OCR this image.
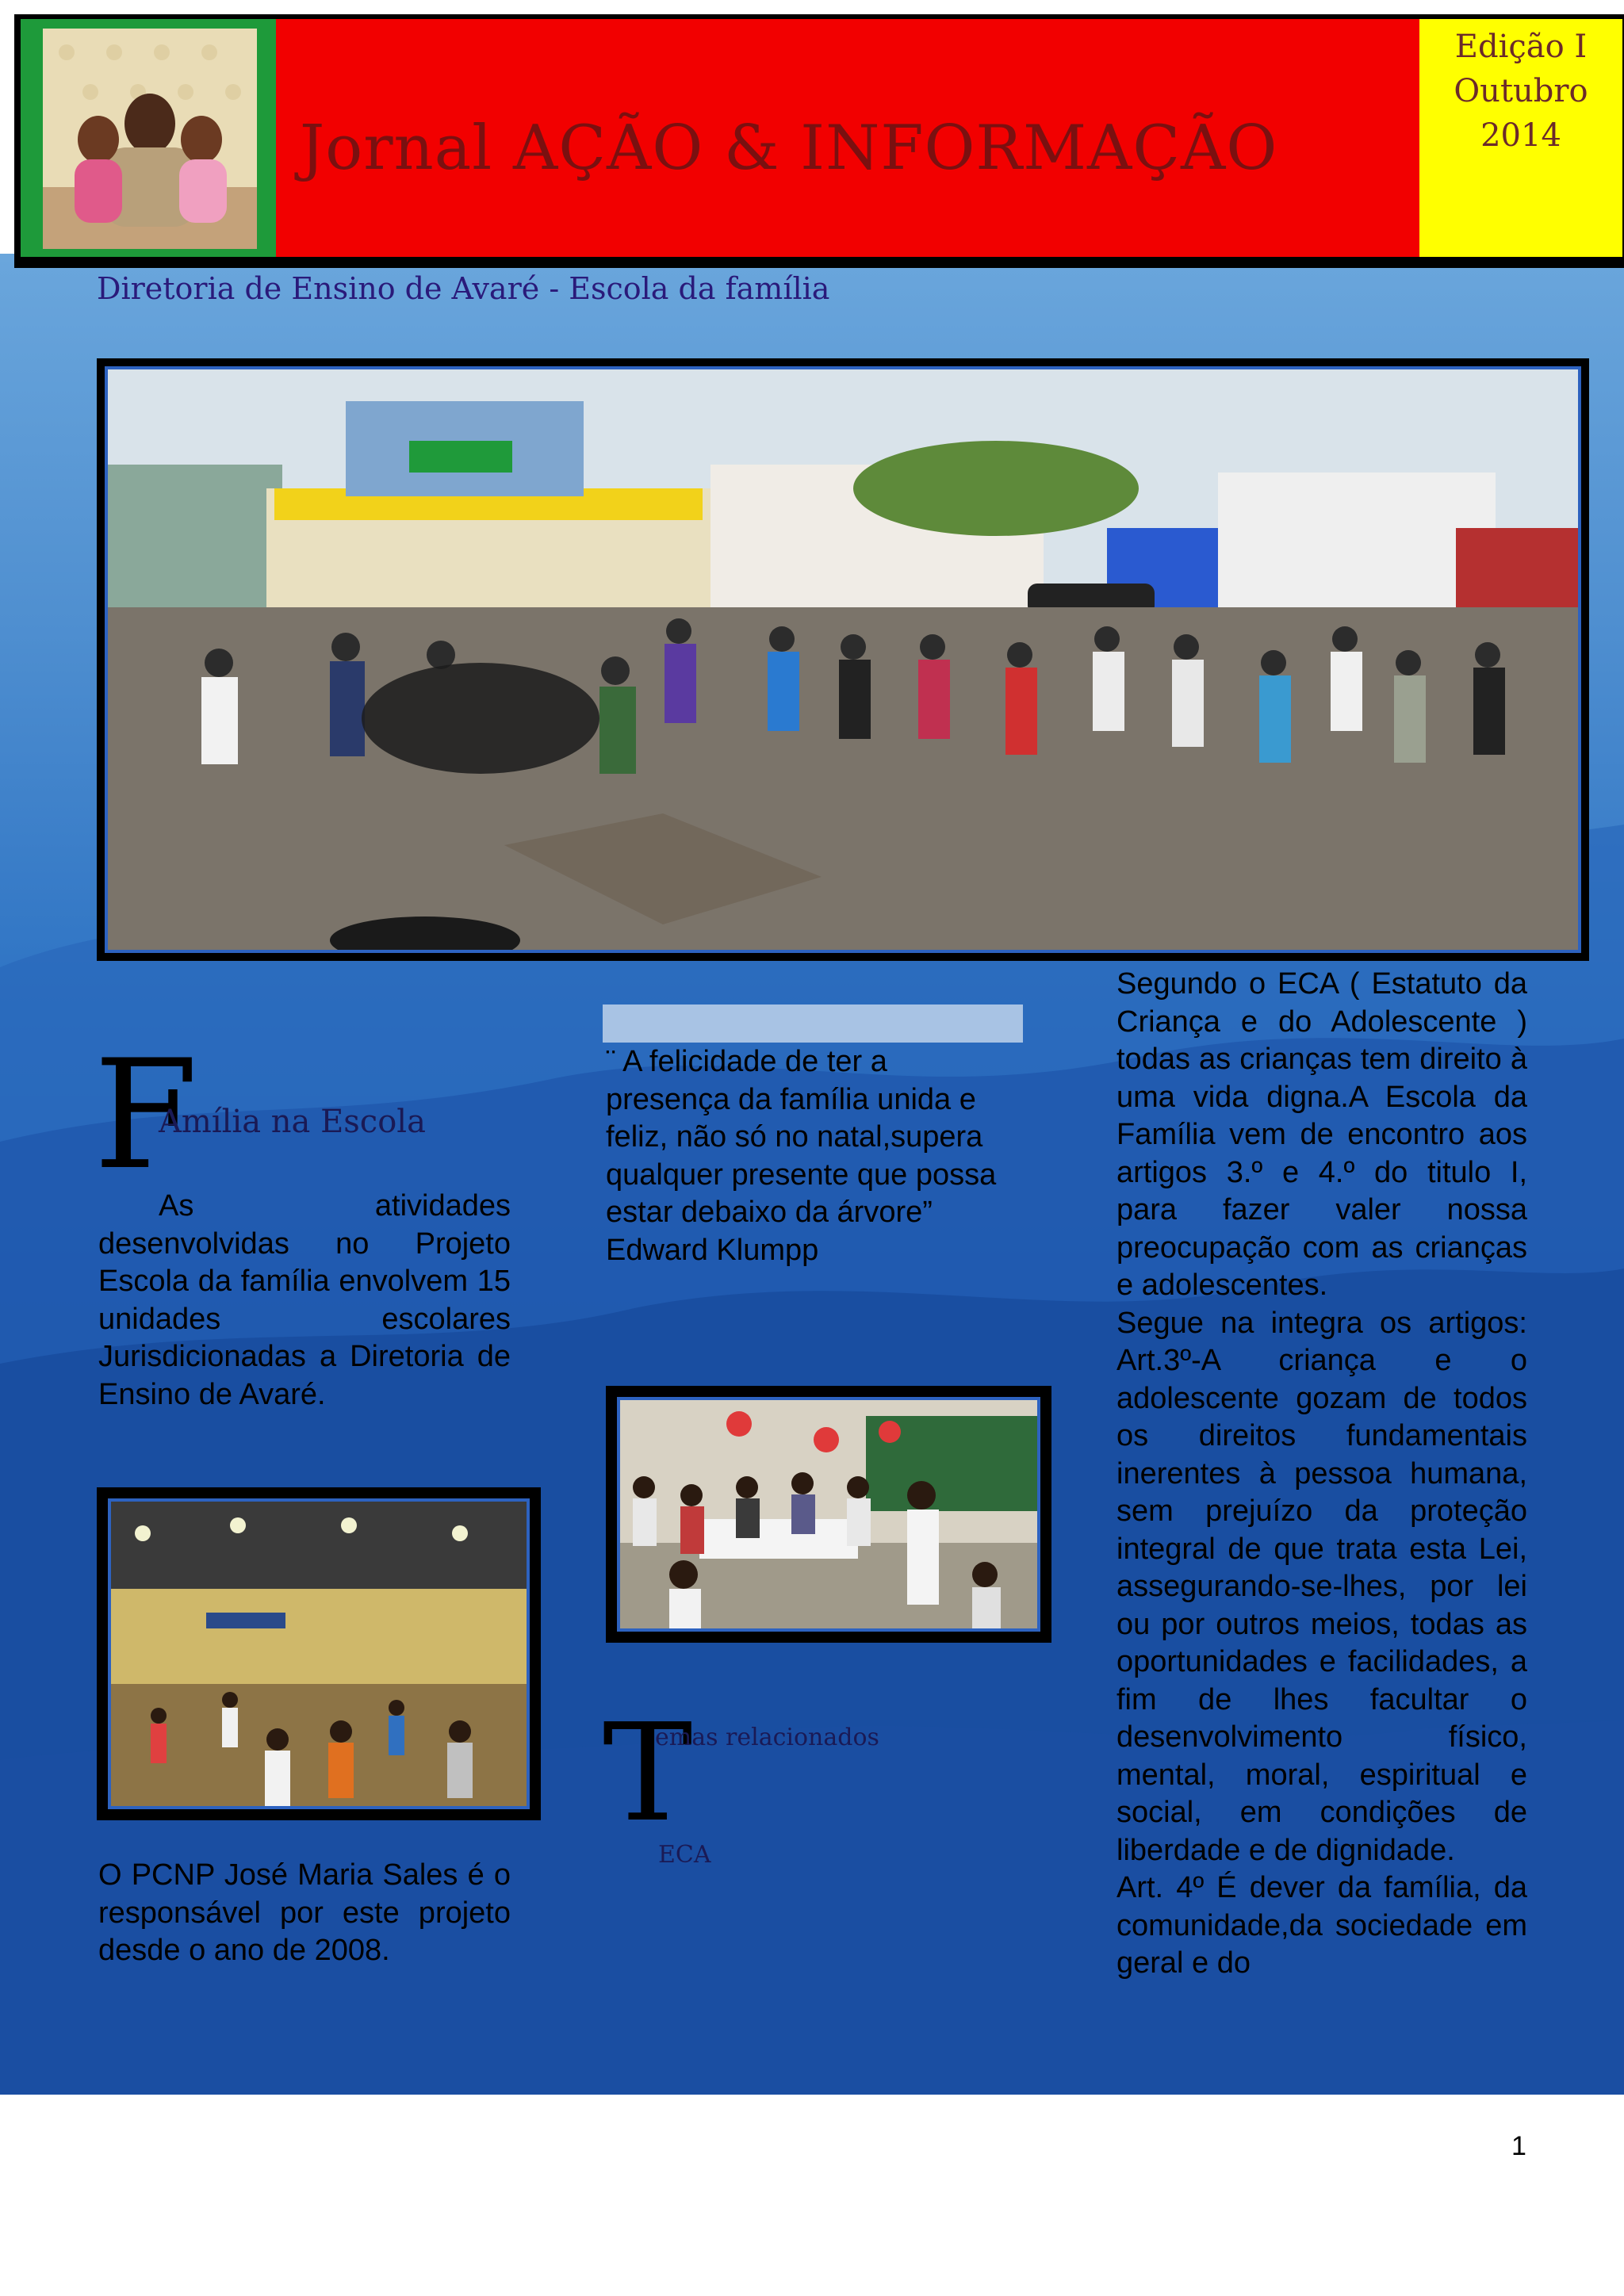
Jornal AÇÃO & INFORMAÇÃO
Edição I
Outubro
2014
Diretoria de Ensino de Avaré - Escola da família
F
Amília na Escola

As atividades desenvolvidas no Projeto Escola da família envolvem 15 unidades escolares Jurisdicionadas a Diretoria de Ensino de Avaré.

O PCNP José Maria Sales é o responsável por este projeto desde o ano de 2008.

¨ A felicidade de ter a presença da família unida e feliz, não só no natal,supera qualquer presente que possa estar debaixo da árvore” Edward Klumpp

T
emas relacionados
ECA

Segundo o ECA ( Estatuto da Criança e do Adolescente ) todas as crianças tem direito à uma vida digna.A Escola da Família vem de encontro aos artigos 3.º e 4.º do titulo I, para fazer valer nossa preocupação com as crianças e adolescentes.

Segue na integra os artigos: Art.3º-A criança e o adolescente gozam de todos os direitos fundamentais inerentes à pessoa humana, sem prejuízo da proteção integral de que trata esta Lei, assegurando-se-lhes, por lei ou por outros meios, todas as oportunidades e facilidades, a fim de lhes facultar o desenvolvimento físico, mental, moral, espiritual e social, em condições de liberdade e de dignidade.

Art. 4º É dever da família, da comunidade,da sociedade em geral e do

1
